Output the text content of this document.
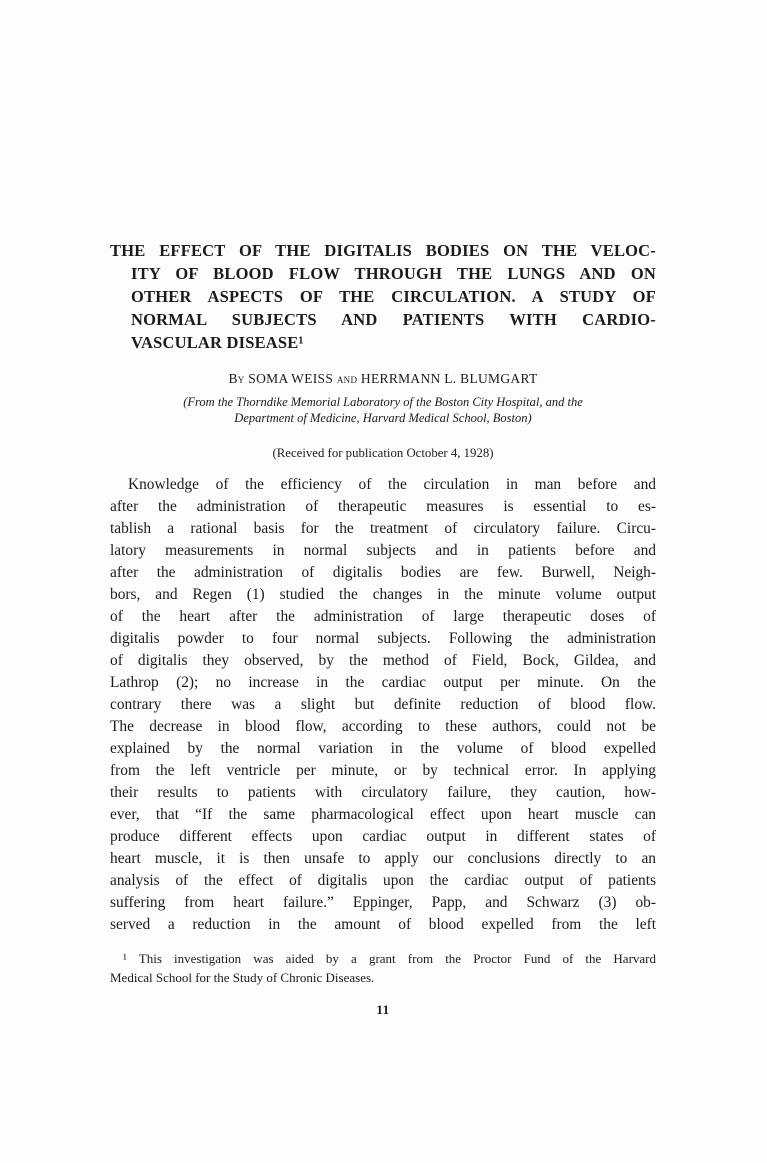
THE EFFECT OF THE DIGITALIS BODIES ON THE VELOC-
ITY OF BLOOD FLOW THROUGH THE LUNGS AND ON
OTHER ASPECTS OF THE CIRCULATION. A STUDY OF
NORMAL SUBJECTS AND PATIENTS WITH CARDIO-
VASCULAR DISEASE¹
By SOMA WEISS and HERRMANN L. BLUMGART
(From the Thorndike Memorial Laboratory of the Boston City Hospital, and the
Department of Medicine, Harvard Medical School, Boston)
(Received for publication October 4, 1928)
Knowledge of the efficiency of the circulation in man before and
after the administration of therapeutic measures is essential to es-
tablish a rational basis for the treatment of circulatory failure. Circu-
latory measurements in normal subjects and in patients before and
after the administration of digitalis bodies are few. Burwell, Neigh-
bors, and Regen (1) studied the changes in the minute volume output
of the heart after the administration of large therapeutic doses of
digitalis powder to four normal subjects. Following the administration
of digitalis they observed, by the method of Field, Bock, Gildea, and
Lathrop (2); no increase in the cardiac output per minute. On the
contrary there was a slight but definite reduction of blood flow.
The decrease in blood flow, according to these authors, could not be
explained by the normal variation in the volume of blood expelled
from the left ventricle per minute, or by technical error. In applying
their results to patients with circulatory failure, they caution, how-
ever, that “If the same pharmacological effect upon heart muscle can
produce different effects upon cardiac output in different states of
heart muscle, it is then unsafe to apply our conclusions directly to an
analysis of the effect of digitalis upon the cardiac output of patients
suffering from heart failure.” Eppinger, Papp, and Schwarz (3) ob-
served a reduction in the amount of blood expelled from the left
¹ This investigation was aided by a grant from the Proctor Fund of the Harvard
Medical School for the Study of Chronic Diseases.
11
